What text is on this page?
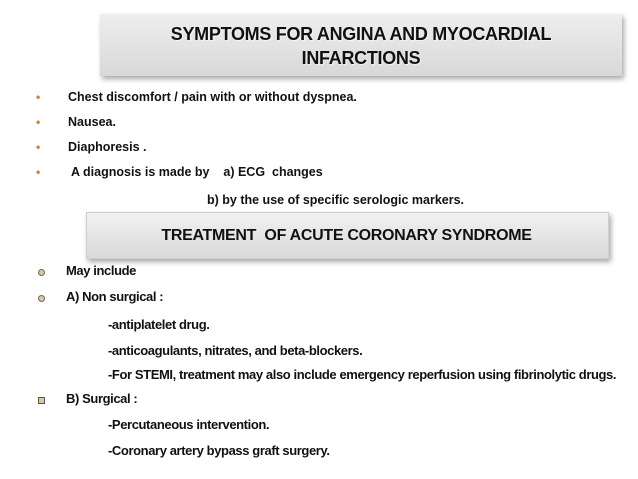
SYMPTOMS FOR ANGINA AND MYOCARDIAL
INFARCTIONS
• Chest discomfort / pain with or without dyspnea.
• Nausea.
• Diaphoresis .
• A diagnosis is made by    a) ECG  changes
b) by the use of specific serologic markers.
TREATMENT  OF ACUTE CORONARY SYNDROME
May include
A) Non surgical :
-antiplatelet drug.
-anticoagulants, nitrates, and beta-blockers.
-For STEMI, treatment may also include emergency reperfusion using fibrinolytic drugs.
B) Surgical :
-Percutaneous intervention.
-Coronary artery bypass graft surgery.
